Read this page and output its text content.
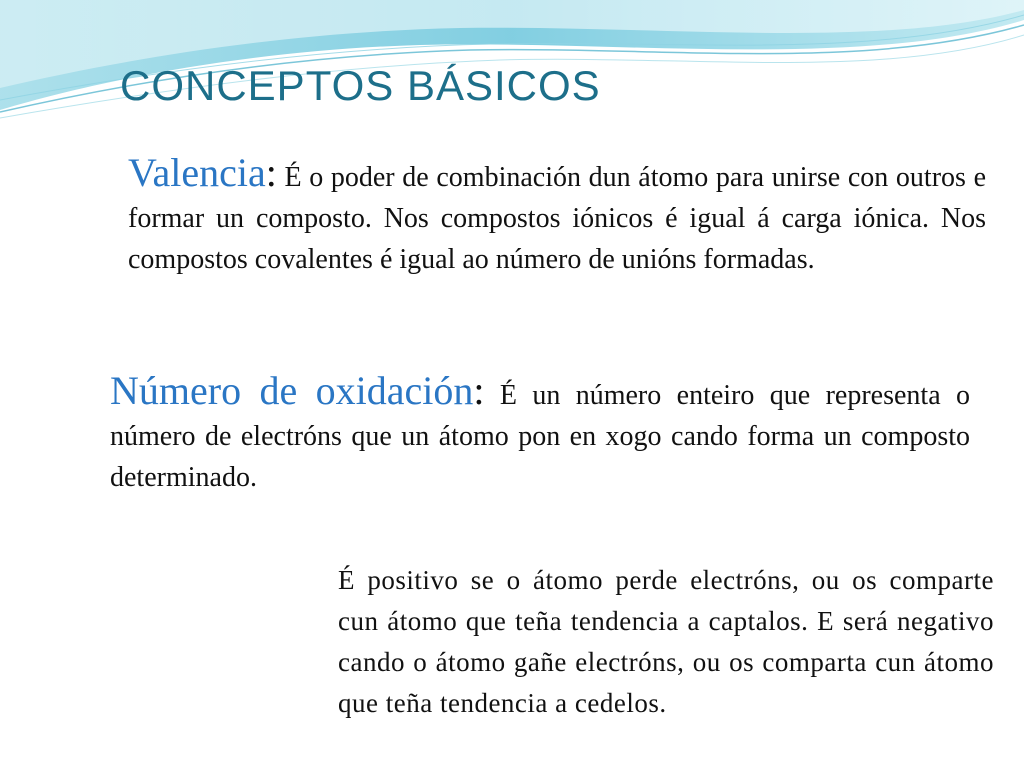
CONCEPTOS BÁSICOS

Valencia: É o poder de combinación dun átomo para unirse con outros e formar un composto. Nos compostos iónicos é igual á carga iónica. Nos compostos covalentes é igual ao número de unións formadas.

Número de oxidación: É un número enteiro que representa o número de electróns que un átomo pon en xogo cando forma un composto determinado.

É positivo se o átomo perde electróns, ou os comparte cun átomo que teña tendencia a captalos. E será negativo cando o átomo gañe electróns, ou os comparta cun átomo que teña tendencia a cedelos.
